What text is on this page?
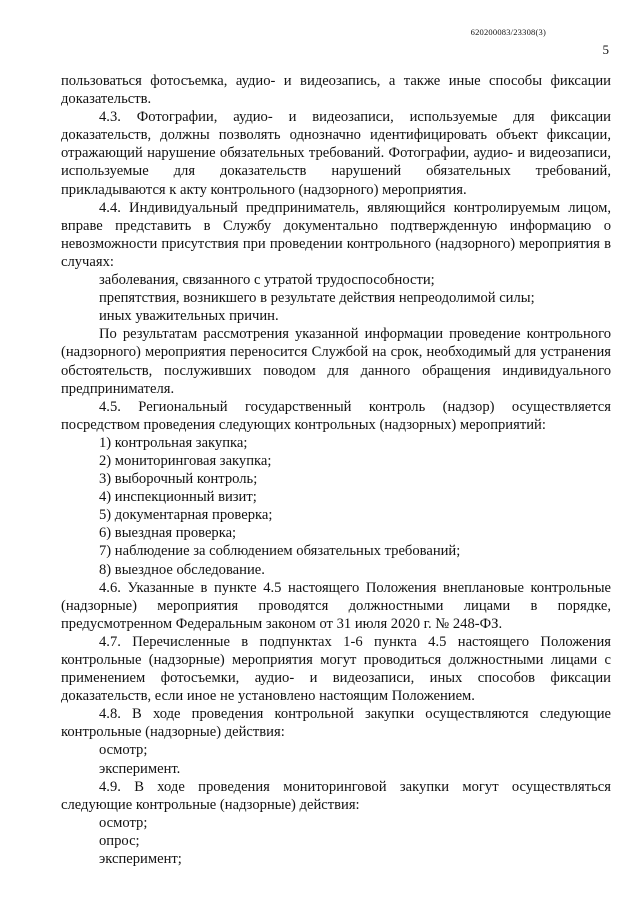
620200083/23308(3)
5

пользоваться фотосъемка, аудио- и видеозапись, а также иные способы фиксации доказательств.

4.3. Фотографии, аудио- и видеозаписи, используемые для фиксации доказательств, должны позволять однозначно идентифицировать объект фиксации, отражающий нарушение обязательных требований. Фотографии, аудио- и видеозаписи, используемые для доказательств нарушений обязательных требований, прикладываются к акту контрольного (надзорного) мероприятия.

4.4. Индивидуальный предприниматель, являющийся контролируемым лицом, вправе представить в Службу документально подтвержденную информацию о невозможности присутствия при проведении контрольного (надзорного) мероприятия в случаях:

заболевания, связанного с утратой трудоспособности;

препятствия, возникшего в результате действия непреодолимой силы;

иных уважительных причин.

По результатам рассмотрения указанной информации проведение контрольного (надзорного) мероприятия переносится Службой на срок, необходимый для устранения обстоятельств, послуживших поводом для данного обращения индивидуального предпринимателя.

4.5. Региональный государственный контроль (надзор) осуществляется посредством проведения следующих контрольных (надзорных) мероприятий:

1) контрольная закупка;

2) мониторинговая закупка;

3) выборочный контроль;

4) инспекционный визит;

5) документарная проверка;

6) выездная проверка;

7) наблюдение за соблюдением обязательных требований;

8) выездное обследование.

4.6. Указанные в пункте 4.5 настоящего Положения внеплановые контрольные (надзорные) мероприятия проводятся должностными лицами в порядке, предусмотренном Федеральным законом от 31 июля 2020 г. № 248-ФЗ.

4.7. Перечисленные в подпунктах 1-6 пункта 4.5 настоящего Положения контрольные (надзорные) мероприятия могут проводиться должностными лицами с применением фотосъемки, аудио- и видеозаписи, иных способов фиксации доказательств, если иное не установлено настоящим Положением.

4.8. В ходе проведения контрольной закупки осуществляются следующие контрольные (надзорные) действия:

осмотр;

эксперимент.

4.9. В ходе проведения мониторинговой закупки могут осуществляться следующие контрольные (надзорные) действия:

осмотр;

опрос;

эксперимент;
